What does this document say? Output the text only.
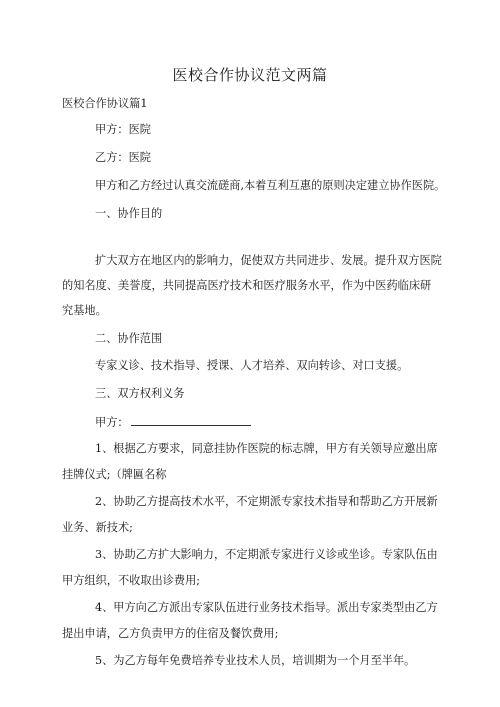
医校合作协议范文两篇
医校合作协议篇1
甲方：医院
乙方：医院
甲方和乙方经过认真交流磋商,本着互利互惠的原则决定建立协作医院。
一、协作目的
扩大双方在地区内的影响力，促使双方共同进步、发展。提升双方医院
的知名度、美誉度，共同提高医疗技术和医疗服务水平，作为中医药临床研
究基地。
二、协作范围
专家义诊、技术指导、授课、人才培养、双向转诊、对口支援。
三、双方权利义务
甲方：
1、根据乙方要求，同意挂协作医院的标志牌，甲方有关领导应邀出席
挂牌仪式;（牌匾名称
2、协助乙方提高技术水平，不定期派专家技术指导和帮助乙方开展新
业务、新技术;
3、协助乙方扩大影响力，不定期派专家进行义诊或坐诊。专家队伍由
甲方组织，不收取出诊费用;
4、甲方向乙方派出专家队伍进行业务技术指导。派出专家类型由乙方
提出申请，乙方负责甲方的住宿及餐饮费用;
5、为乙方每年免费培养专业技术人员，培训期为一个月至半年。
